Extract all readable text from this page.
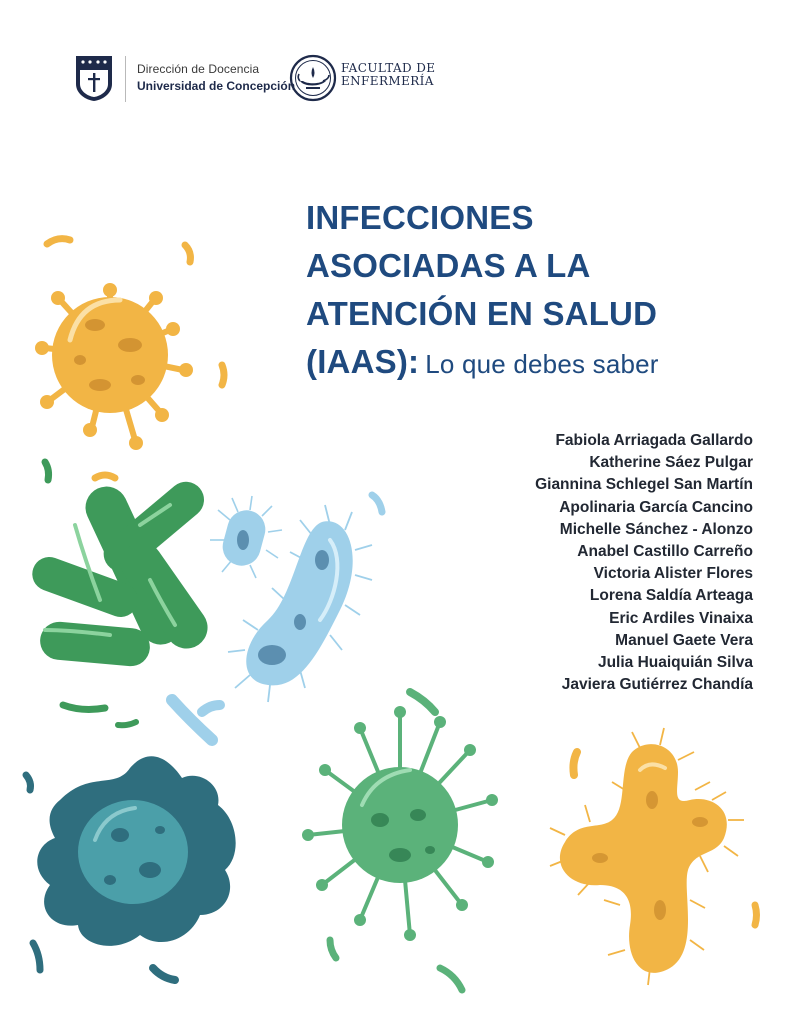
Dirección de Docencia
Universidad de Concepción
FACULTAD DE
ENFERMERÍA
INFECCIONES
ASOCIADAS A LA
ATENCIÓN EN SALUD
(IAAS): Lo que debes saber
Fabiola Arriagada Gallardo
Katherine Sáez Pulgar
Giannina Schlegel San Martín
Apolinaria García Cancino
Michelle Sánchez - Alonzo
Anabel Castillo Carreño
Victoria Alister Flores
Lorena Saldía Arteaga
Eric Ardiles Vinaixa
Manuel Gaete Vera
Julia Huaiquián Silva
Javiera Gutiérrez Chandía
